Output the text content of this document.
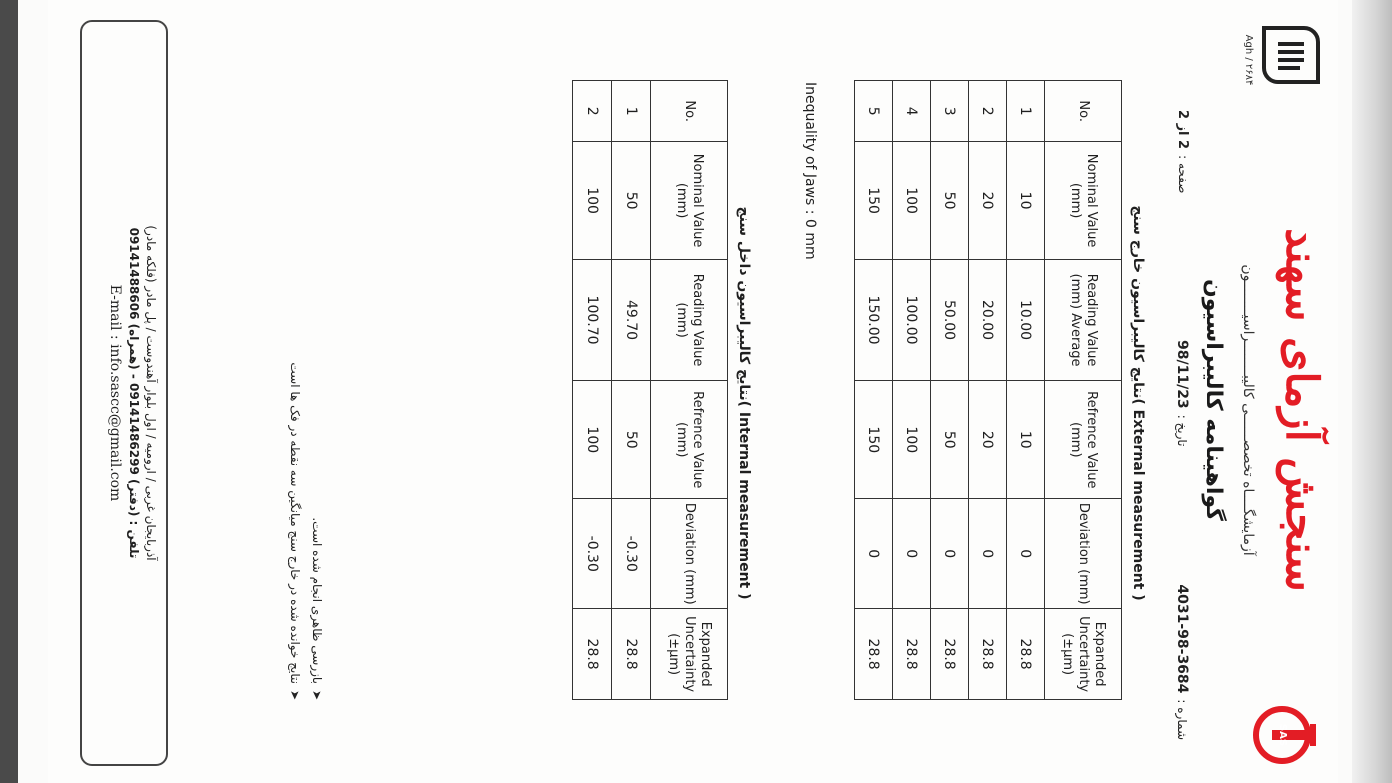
SAS
Agh / ۲۶۸۴
سنجش آزمای سهند
آزمایشگــــاه تخصصــــــی کالیبــــــــراسیــــــــون
گواهینامه کالیبراسیون
شماره :3684-98-4031
تاریخ :98/11/23
صفحه :2 از 2
نتایج کالیبراسیون خارج سنج( External measurement )
No.	Nominal Value (mm)	Reading Value (mm) Average	Refrence Value (mm)	Deviation (mm)	Expanded Uncertainty (±μm)
1	10	10.00	10	0	28.8
2	20	20.00	20	0	28.8
3	50	50.00	50	0	28.8
4	100	100.00	100	0	28.8
5	150	150.00	150	0	28.8
Inequality of Jaws : 0 mm
نتایج کالیبراسیون داخل سنج( Internal measurement )
No.	Nominal Value (mm)	Reading Value (mm)	Refrence Value (mm)	Deviation (mm)	Expanded Uncertainty (±μm)
1	50	49.70	50	-0.30	28.8
2	100	100.70	100	-0.30	28.8
➤بازرسی ظاهری انجام شده است.
➤نتایج خوانده شده در خارج سنج میانگین سه نقطه در فک ها است
آذربایجان غربی / ارومیه / اول بلوار آهندوست / پل مادر (فلکه مادر)
تلفن : (دفتر) 09141486299 - (همراه) 09141488606
E-mail : info.sascc@gmail.com
